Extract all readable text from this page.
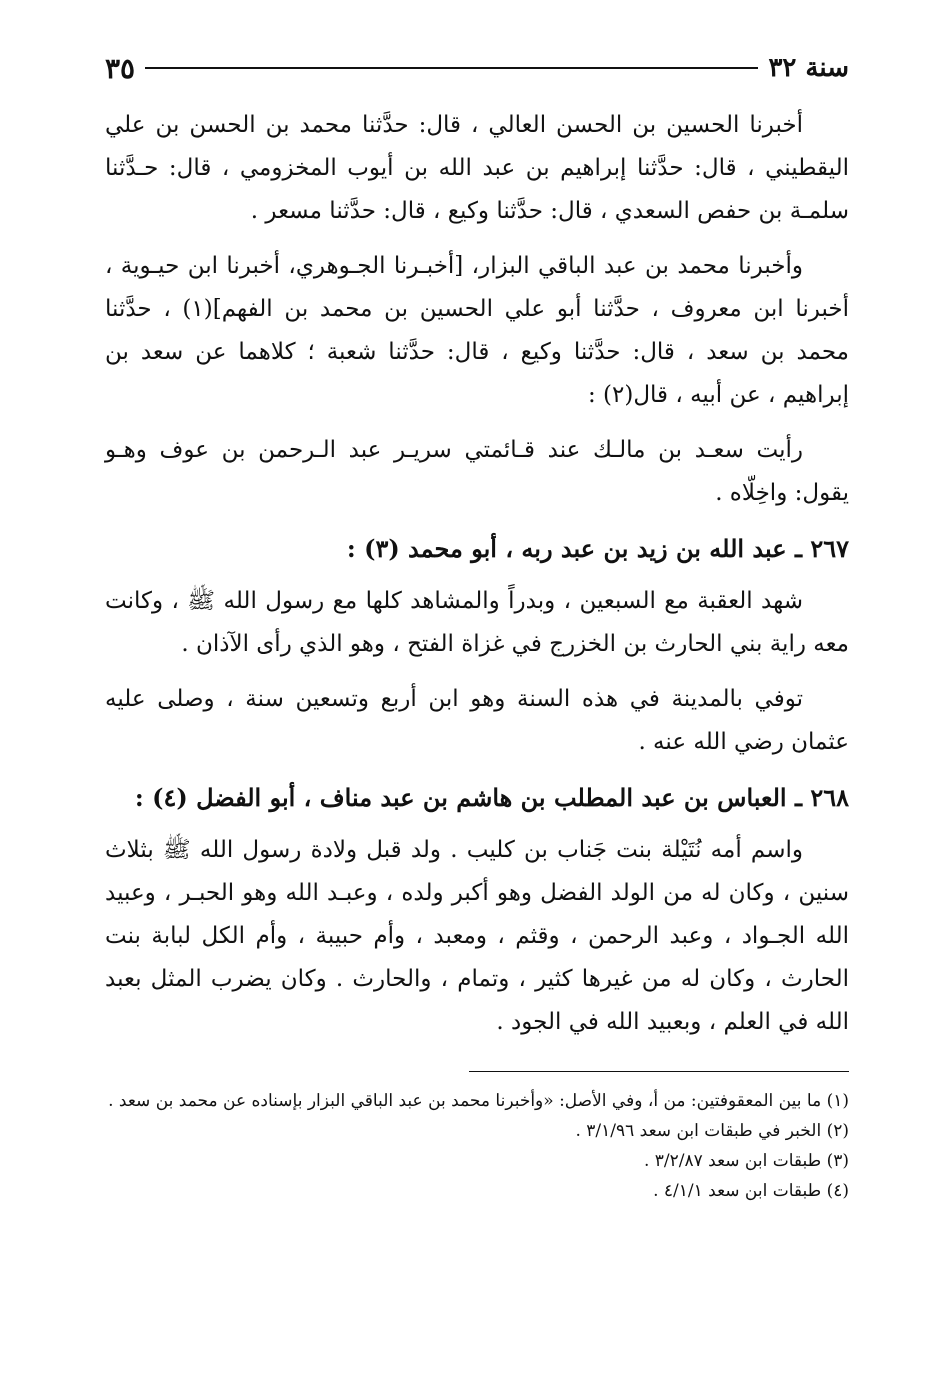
سنة ٣٢
٣٥

أخبرنا الحسين بن الحسن العالي ، قال: حدَّثنا محمد بن الحسن بن علي اليقطيني ، قال: حدَّثنا إبراهيم بن عبد الله بن أيوب المخزومي ، قال: حـدَّثنا سلمـة بن حفص السعدي ، قال: حدَّثنا وكيع ، قال: حدَّثنا مسعر .

وأخبرنا محمد بن عبد الباقي البزار، [أخبـرنا الجـوهري، أخبرنا ابن حيـوية ، أخبرنا ابن معروف ، حدَّثنا أبو علي الحسين بن محمد بن الفهم](١) ، حدَّثنا محمد بن سعد ، قال: حدَّثنا وكيع ، قال: حدَّثنا شعبة ؛ كلاهما عن سعد بن إبراهيم ، عن أبيه ، قال(٢) :

رأيت سعـد بن مالـك عند قـائمتي سريـر عبد الـرحمن بن عوف وهـو يقول: واخِلّاه .

٢٦٧ ـ عبد الله بن زيد بن عبد ربه ، أبو محمد (٣) :

شهد العقبة مع السبعين ، وبدراً والمشاهد كلها مع رسول الله ﷺ ، وكانت معه راية بني الحارث بن الخزرج في غزاة الفتح ، وهو الذي رأى الآذان .

توفي بالمدينة في هذه السنة وهو ابن أربع وتسعين سنة ، وصلى عليه عثمان رضي الله عنه .

٢٦٨ ـ العباس بن عبد المطلب بن هاشم بن عبد مناف ، أبو الفضل (٤) :

واسم أمه نُتَيْلة بنت جَناب بن كليب . ولد قبل ولادة رسول الله ﷺ بثلاث سنين ، وكان له من الولد الفضل وهو أكبر ولده ، وعبـد الله وهو الحبـر ، وعبيد الله الجـواد ، وعبد الرحمن ، وقثم ، ومعبد ، وأم حبيبة ، وأم الكل لبابة بنت الحارث ، وكان له من غيرها كثير ، وتمام ، والحارث . وكان يضرب المثل بعبد الله في العلم ، وبعبيد الله في الجود .

(١) ما بين المعقوفتين: من أ، وفي الأصل: «وأخبرنا محمد بن عبد الباقي البزار بإسناده عن محمد بن سعد .

(٢) الخبر في طبقات ابن سعد ٣/١/٩٦ .

(٣) طبقات ابن سعد ٣/٢/٨٧ .

(٤) طبقات ابن سعد ٤/١/١ .
